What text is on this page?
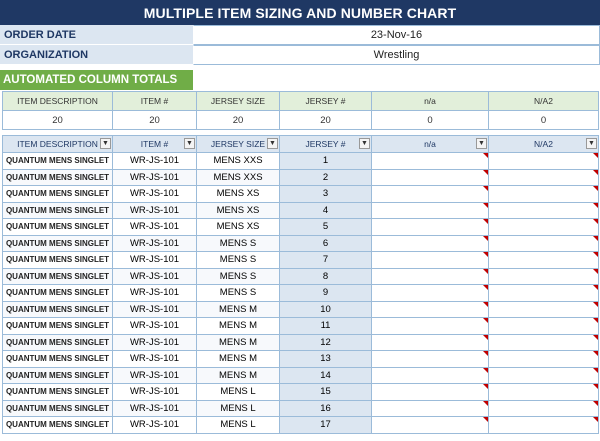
MULTIPLE ITEM SIZING AND NUMBER CHART
ORDER DATE	23-Nov-16
ORGANIZATION	Wrestling
AUTOMATED COLUMN TOTALS
ITEM DESCRIPTION	ITEM #	JERSEY SIZE	JERSEY #	n/a	N/A2
20	20	20	20	0	0
ITEM DESCRIPTION ▼	ITEM # ▼	JERSEY SIZE ▼	JERSEY # ▼	n/a ▼	N/A2 ▼

QUANTUM MENS SINGLET	WR-JS-101	MENS XXS	1	

QUANTUM MENS SINGLET	WR-JS-101	MENS XXS	2	

QUANTUM MENS SINGLET	WR-JS-101	MENS XS	3	

QUANTUM MENS SINGLET	WR-JS-101	MENS XS	4	

QUANTUM MENS SINGLET	WR-JS-101	MENS XS	5	

QUANTUM MENS SINGLET	WR-JS-101	MENS S	6	

QUANTUM MENS SINGLET	WR-JS-101	MENS S	7	

QUANTUM MENS SINGLET	WR-JS-101	MENS S	8	

QUANTUM MENS SINGLET	WR-JS-101	MENS S	9	

QUANTUM MENS SINGLET	WR-JS-101	MENS M	10	

QUANTUM MENS SINGLET	WR-JS-101	MENS M	11	

QUANTUM MENS SINGLET	WR-JS-101	MENS M	12	

QUANTUM MENS SINGLET	WR-JS-101	MENS M	13	

QUANTUM MENS SINGLET	WR-JS-101	MENS M	14	

QUANTUM MENS SINGLET	WR-JS-101	MENS L	15	

QUANTUM MENS SINGLET	WR-JS-101	MENS L	16	

QUANTUM MENS SINGLET	WR-JS-101	MENS L	17	
